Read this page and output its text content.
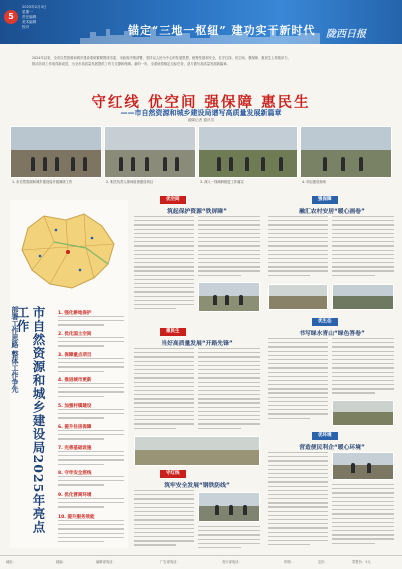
5
2025年2月3日
星期一
责任编辑
美术编辑
校对	锚定“三地一枢纽” 建功实干新时代 陇西日报

2024年以来，全市自然资源和城乡建设系统紧紧围绕市委、市政府决策部署，坚持以人民为中心的发展思想，统筹发展和安全，在守红线、优空间、强保障、惠民生上持续用力，

推动各项工作取得新成效，为全市高质量发展提供了有力支撑和保障。新的一年，全系统将锚定目标任务，奋力谱写高质量发展新篇章。

守红线 优空间 强保障 惠民生
——市自然资源和城乡建设局谱写高质量发展新篇章
融媒记者 通讯员
1. 市自然资源和城乡建设局开展调研工作	2. 相关负责人现场检查建设项目	3. 深入一线调研推进工作落实	4. 项目建设现场
市自然资源和城乡建设局2025年亮点工作
部署工作思路 整体工作争先	1. 强化耕地保护
2. 优化国土空间
3. 保障重点项目
4. 推进城市更新
5. 加强村镇建设
6. 提升住房保障
7. 完善基础设施
8. 守牢安全底线
9. 优化营商环境
10. 提升服务效能
优空间
筑起保护资源“铁屏障”
惠民生
当好高质量发展“开路先锋”
守红线
筑牢安全发展“钢铁防线”
强保障
融汇农村安居“暖心画卷”
优生态
书写绿水青山“绿色答卷”
优环境
营造便民利企“暖心环境”
地址：	邮编：	编辑部电话：	广告部电话：	发行部电话：	印刷：	定价：	零售价：1元
